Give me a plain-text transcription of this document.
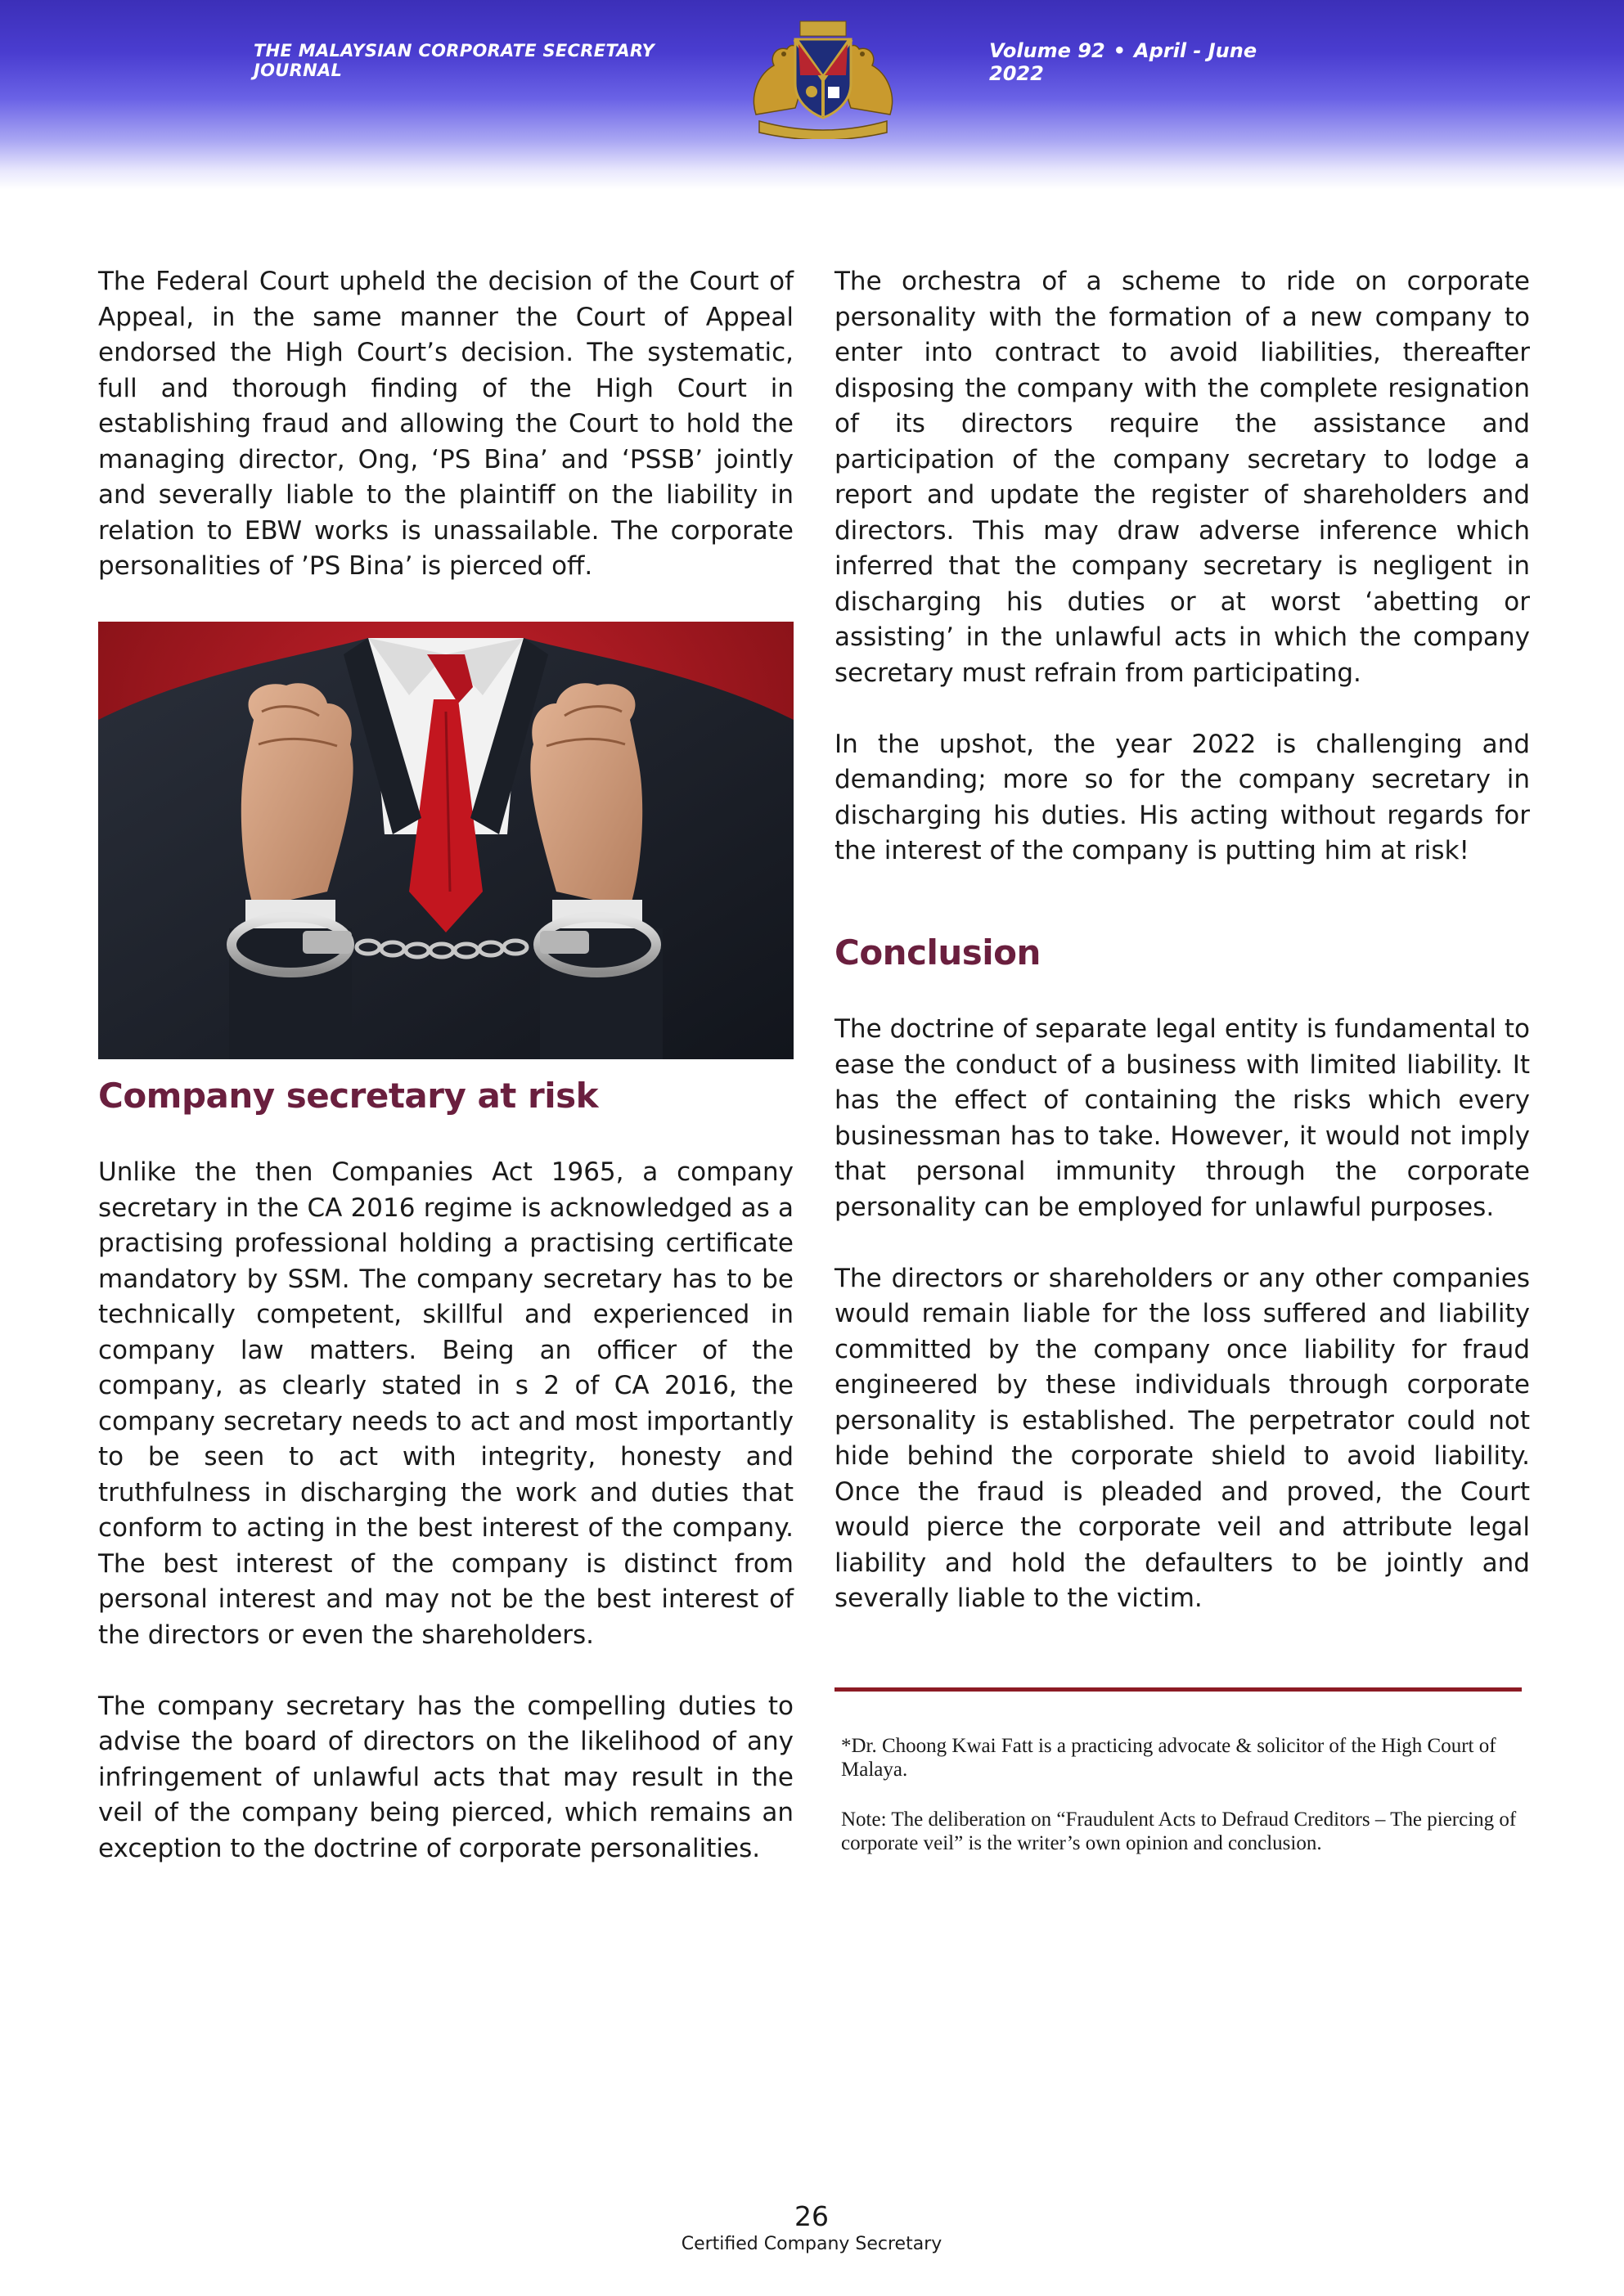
THE MALAYSIAN CORPORATE SECRETARY JOURNAL
Volume 92 • April - June 2022

The Federal Court upheld the decision of the Court of Appeal, in the same manner the Court of Appeal endorsed the High Court’s decision. The systematic, full and thorough finding of the High Court in establishing fraud and allowing the Court to hold the managing director, Ong, ‘PS Bina’ and ‘PSSB’ jointly and severally liable to the plaintiff on the liability in relation to EBW works is unassailable. The corporate personalities of ’PS Bina’ is pierced off.

Company secretary at risk

Unlike the then Companies Act 1965, a company secretary in the CA 2016 regime is acknowledged as a practising professional holding a practising certificate mandatory by SSM. The company secretary has to be technically competent, skillful and experienced in company law matters. Being an officer of the company, as clearly stated in s 2 of CA 2016, the company secretary needs to act and most importantly to be seen to act with integrity, honesty and truthfulness in discharging the work and duties that conform to acting in the best interest of the company. The best interest of the company is distinct from personal interest and may not be the best interest of the directors or even the shareholders.

The company secretary has the compelling duties to advise the board of directors on the likelihood of any infringement of unlawful acts that may result in the veil of the company being pierced, which remains an exception to the doctrine of corporate personalities.

The orchestra of a scheme to ride on corporate personality with the formation of a new company to enter into contract to avoid liabilities, thereafter disposing the company with the complete resignation of its directors require the assistance and participation of the company secretary to lodge a report and update the register of shareholders and directors. This may draw adverse inference which inferred that the company secretary is negligent in discharging his duties or at worst ‘abetting or assisting’ in the unlawful acts in which the company secretary must refrain from participating.

In the upshot, the year 2022 is challenging and demanding; more so for the company secretary in discharging his duties. His acting without regards for the interest of the company is putting him at risk!

Conclusion

The doctrine of separate legal entity is fundamental to ease the conduct of a business with limited liability. It has the effect of containing the risks which every businessman has to take. However, it would not imply that personal immunity through the corporate personality can be employed for unlawful purposes.

The directors or shareholders or any other companies would remain liable for the loss suffered and liability committed by the company once liability for fraud engineered by these individuals through corporate personality is established. The perpetrator could not hide behind the corporate shield to avoid liability. Once the fraud is pleaded and proved, the Court would pierce the corporate veil and attribute legal liability and hold the defaulters to be jointly and severally liable to the victim.

*Dr. Choong Kwai Fatt is a practicing advocate & solicitor of the High Court of Malaya.
Note: The deliberation on “Fraudulent Acts to Defraud Creditors – The piercing of corporate veil” is the writer’s own opinion and conclusion.
26
Certified Company Secretary
